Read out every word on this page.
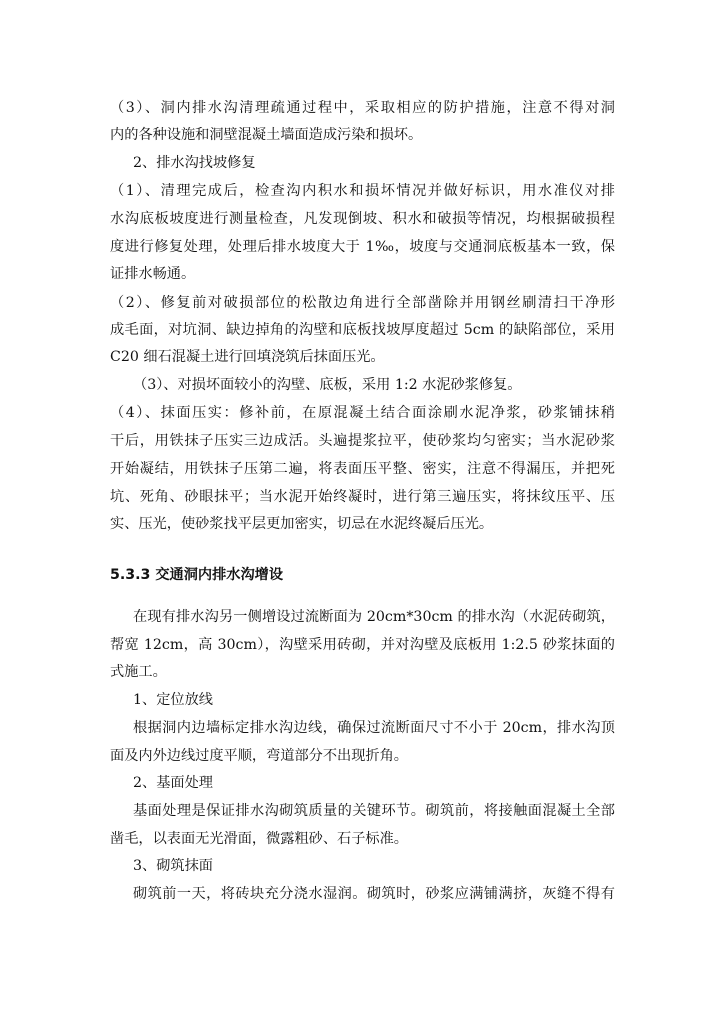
（3）、洞内排水沟清理疏通过程中，采取相应的防护措施，注意不得对洞

内的各种设施和洞壁混凝土墙面造成污染和损坏。

2、排水沟找坡修复

（1）、清理完成后，检查沟内积水和损坏情况并做好标识，用水准仪对排

水沟底板坡度进行测量检查，凡发现倒坡、积水和破损等情况，均根据破损程

度进行修复处理，处理后排水坡度大于 1‰，坡度与交通洞底板基本一致，保

证排水畅通。

（2）、修复前对破损部位的松散边角进行全部凿除并用钢丝刷清扫干净形

成毛面，对坑洞、缺边掉角的沟壁和底板找坡厚度超过 5cm 的缺陷部位，采用

C20 细石混凝土进行回填浇筑后抹面压光。

（3）、对损坏面较小的沟壁、底板，采用 1:2 水泥砂浆修复。

（4）、抹面压实：修补前，在原混凝土结合面涂刷水泥净浆，砂浆铺抹稍

干后，用铁抹子压实三边成活。头遍提浆拉平，使砂浆均匀密实；当水泥砂浆

开始凝结，用铁抹子压第二遍，将表面压平整、密实，注意不得漏压，并把死

坑、死角、砂眼抹平；当水泥开始终凝时，进行第三遍压实，将抹纹压平、压

实、压光，使砂浆找平层更加密实，切忌在水泥终凝后压光。

5.3.3 交通洞内排水沟增设

在现有排水沟另一侧增设过流断面为 20cm*30cm 的排水沟（水泥砖砌筑，

帮宽 12cm，高 30cm），沟壁采用砖砌，并对沟壁及底板用 1:2.5 砂浆抹面的

式施工。

1、定位放线

根据洞内边墙标定排水沟边线，确保过流断面尺寸不小于 20cm，排水沟顶

面及内外边线过度平顺，弯道部分不出现折角。

2、基面处理

基面处理是保证排水沟砌筑质量的关键环节。砌筑前，将接触面混凝土全部

凿毛，以表面无光滑面，微露粗砂、石子标准。

3、砌筑抹面

砌筑前一天，将砖块充分浇水湿润。砌筑时，砂浆应满铺满挤，灰缝不得有
